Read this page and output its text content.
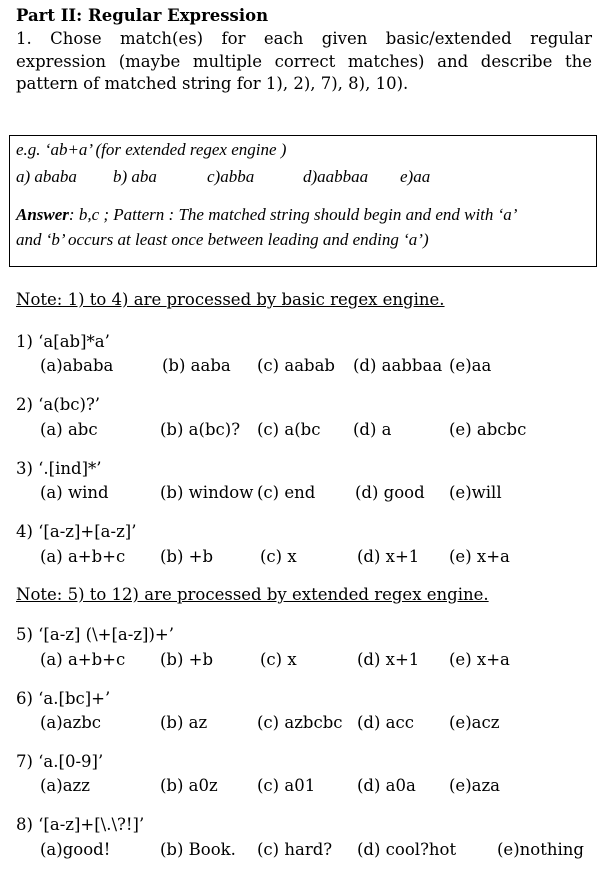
Part II: Regular Expression
1. Chose match(es) for each given basic/extended regular expression (maybe multiple correct matches) and describe the pattern of matched string for 1), 2), 7), 8), 10).
e.g. ‘ab+a’ (for extended regex engine )
a) ababa b) aba	c)abba	d)aabbaa e)aa
Answer: b,c ; Pattern : The matched string should begin and end with ‘a’
and ‘b’ occurs at least once between leading and ending ‘a’)
Note: 1) to 4) are processed by basic regex engine.
1) ‘a[ab]*a’
(a)ababa	(b) aaba (c) aabab (d) aabbaa (e)aa
2) ‘a(bc)?’
(a) abc	(b) a(bc)? (c) a(bc (d) a	(e) abcbc
3) ‘.[ind]*’
(a) wind	(b) window (c) end (d) good (e)will
4) ‘[a-z]+[a-z]’
(a) a+b+c (b) +b	(c) x	(d) x+1 (e) x+a
Note: 5) to 12) are processed by extended regex engine.
5) ‘[a-z] (\+[a-z])+’
(a) a+b+c (b) +b	(c) x	(d) x+1 (e) x+a
6) ‘a.[bc]+’
(a)azbc	(b) az	(c) azbcbc (d) acc (e)acz
7) ‘a.[0-9]’
(a)azz	(b) a0z (c) a01	(d) a0a (e)aza
8) ‘[a-z]+[\.\?!]’
(a)good!	(b) Book. (c) hard? (d) cool?hot (e)nothing
